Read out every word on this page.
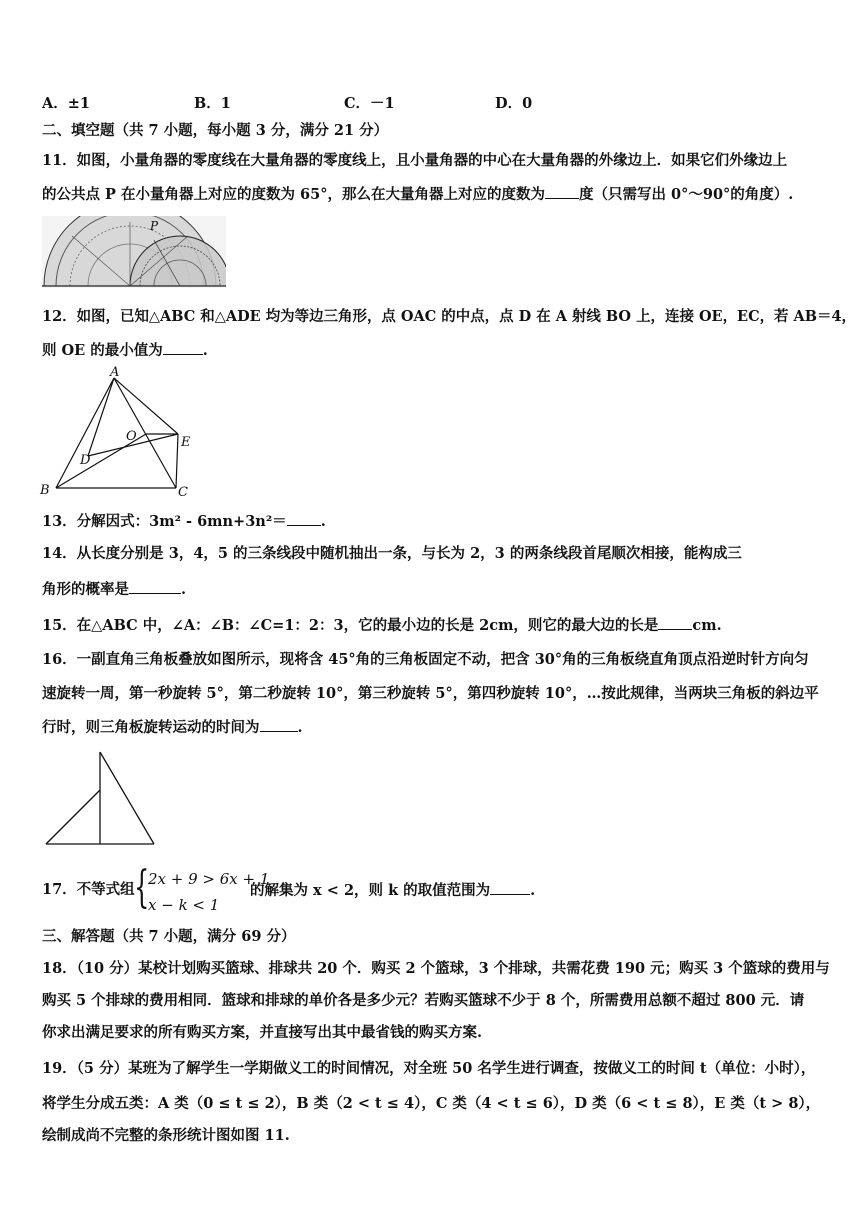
A．±1	B．1	C．－1	D．0
二、填空题（共 7 小题，每小题 3 分，满分 21 分）
11．如图，小量角器的零度线在大量角器的零度线上，且小量角器的中心在大量角器的外缘边上．如果它们外缘边上
的公共点 P 在小量角器上对应的度数为 65°，那么在大量角器上对应的度数为 度（只需写出 0°～90°的角度）.
P
12．如图，已知△ABC 和△ADE 均为等边三角形，点 OAC 的中点，点 D 在 A 射线 BO 上，连接 OE，EC，若 AB＝4，
则 OE 的最小值为	.
A
B	C
D
E
O
13．分解因式：3m² - 6mn+3n²＝ .
14．从长度分别是 3，4，5 的三条线段中随机抽出一条，与长为 2，3 的两条线段首尾顺次相接，能构成三
角形的概率是	.
15．在△ABC 中，∠A：∠B：∠C=1：2：3，它的最小边的长是 2cm，则它的最大边的长是 cm.
16．一副直角三角板叠放如图所示，现将含 45°角的三角板固定不动，把含 30°角的三角板绕直角顶点沿逆时针方向匀
速旋转一周，第一秒旋转 5°，第二秒旋转 10°，第三秒旋转 5°，第四秒旋转 10°，…按此规律，当两块三角板的斜边平
行时，则三角板旋转运动的时间为	.
17．不等式组 {
2x + 9 > 6x + 1
x − k < 1
的解集为 x < 2，则 k 的取值范围为	.
三、解答题（共 7 小题，满分 69 分）
18．（10 分）某校计划购买篮球、排球共 20 个．购买 2 个篮球，3 个排球，共需花费 190 元；购买 3 个篮球的费用与
购买 5 个排球的费用相同．篮球和排球的单价各是多少元？若购买篮球不少于 8 个，所需费用总额不超过 800 元．请
你求出满足要求的所有购买方案，并直接写出其中最省钱的购买方案.
19．（5 分）某班为了解学生一学期做义工的时间情况，对全班 50 名学生进行调查，按做义工的时间 t（单位：小时），
将学生分成五类：A 类（0 ≤ t ≤ 2），B 类（2 < t ≤ 4），C 类（4 < t ≤ 6），D 类（6 < t ≤ 8），E 类（t > 8），
绘制成尚不完整的条形统计图如图 11.
